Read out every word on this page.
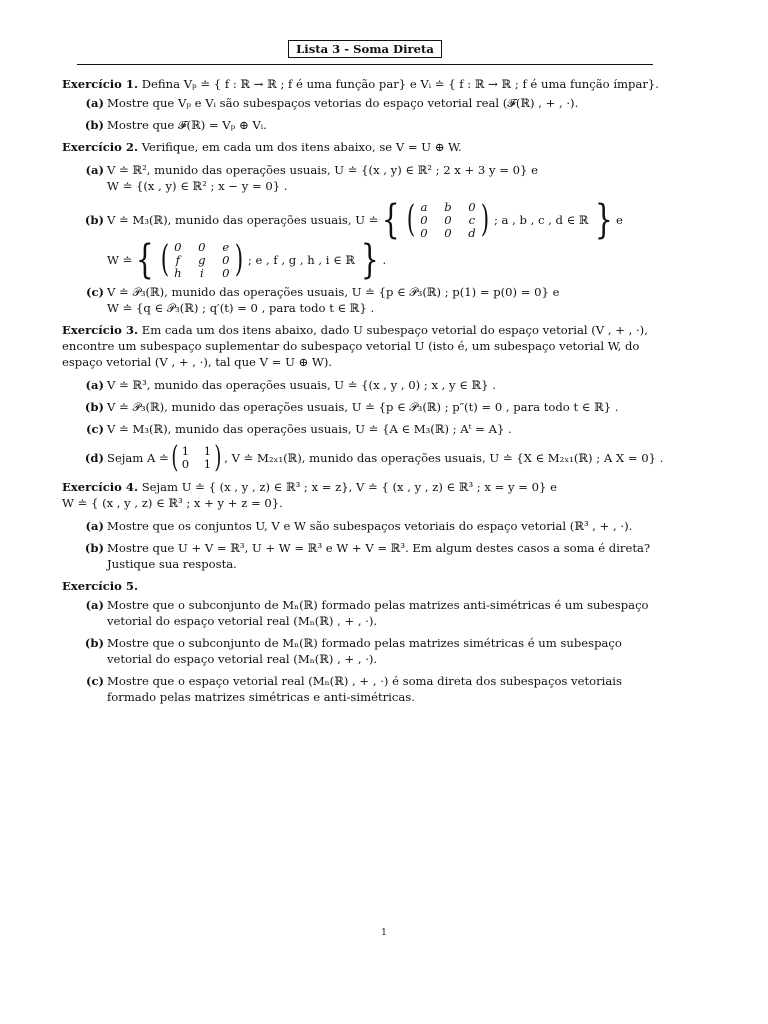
Lista 3 - Soma Direta
Exercício 1. Defina Vₚ ≐ { f : ℝ → ℝ ; f é uma função par} e Vᵢ ≐ { f : ℝ → ℝ ; f é uma função ímpar}.
(a) Mostre que Vₚ e Vᵢ são subespaços vetorias do espaço vetorial real (𝓕(ℝ) , + , ·).
(b) Mostre que 𝓕(ℝ) = Vₚ ⊕ Vᵢ.
Exercício 2. Verifique, em cada um dos itens abaixo, se V = U ⊕ W.
(a) V ≐ ℝ², munido das operações usuais, U ≐ {(x , y) ∈ ℝ² ; 2 x + 3 y = 0} e
W ≐ {(x , y) ∈ ℝ² ; x − y = 0} .
(b) V ≐ M₃(ℝ), munido das operações usuais, U ≐ { ( a b 0
0 0 c
0 0 d ) ; a , b , c , d ∈ ℝ } e
W ≐ { ( 0 0 e
f	g 0
h	i	0 ) ; e , f , g , h , i ∈ ℝ } .
(c) V ≐ 𝒫₃(ℝ), munido das operações usuais, U ≐ {p ∈ 𝒫₃(ℝ) ; p(1) = p(0) = 0} e
W ≐ {q ∈ 𝒫₃(ℝ) ; q′(t) = 0 , para todo t ∈ ℝ} .
Exercício 3. Em cada um dos itens abaixo, dado U subespaço vetorial do espaço vetorial (V , + , ·), encontre um subespaço suplementar do subespaço vetorial U (isto é, um subespaço vetorial W, do espaço vetorial (V , + , ·), tal que V = U ⊕ W).
(a) V ≐ ℝ³, munido das operações usuais, U ≐ {(x , y , 0) ; x , y ∈ ℝ} .
(b) V ≐ 𝒫₃(ℝ), munido das operações usuais, U ≐ {p ∈ 𝒫₃(ℝ) ; p″(t) = 0 , para todo t ∈ ℝ} .
(c) V ≐ M₃(ℝ), munido das operações usuais, U ≐ {A ∈ M₃(ℝ) ; Aᵗ = A} .
(d) Sejam A ≐ ( 1 1
0 1 ) , V ≐ M₂ₓ₁(ℝ), munido das operações usuais, U ≐ {X ∈ M₂ₓ₁(ℝ) ; A X = 0} .
Exercício 4. Sejam U ≐ { (x , y , z) ∈ ℝ³ ; x = z}, V ≐ { (x , y , z) ∈ ℝ³ ; x = y = 0} e
W ≐ { (x , y , z) ∈ ℝ³ ; x + y + z = 0}.
(a) Mostre que os conjuntos U, V e W são subespaços vetoriais do espaço vetorial (ℝ³ , + , ·).
(b) Mostre que U + V = ℝ³, U + W = ℝ³ e W + V = ℝ³. Em algum destes casos a soma é direta? Justique sua resposta.
Exercício 5.
(a) Mostre que o subconjunto de Mₙ(ℝ) formado pelas matrizes anti-simétricas é um subespaço vetorial do espaço vetorial real (Mₙ(ℝ) , + , ·).
(b) Mostre que o subconjunto de Mₙ(ℝ) formado pelas matrizes simétricas é um subespaço vetorial do espaço vetorial real (Mₙ(ℝ) , + , ·).
(c) Mostre que o espaço vetorial real (Mₙ(ℝ) , + , ·) é soma direta dos subespaços vetoriais formado pelas matrizes simétricas e anti-simétricas.
1
